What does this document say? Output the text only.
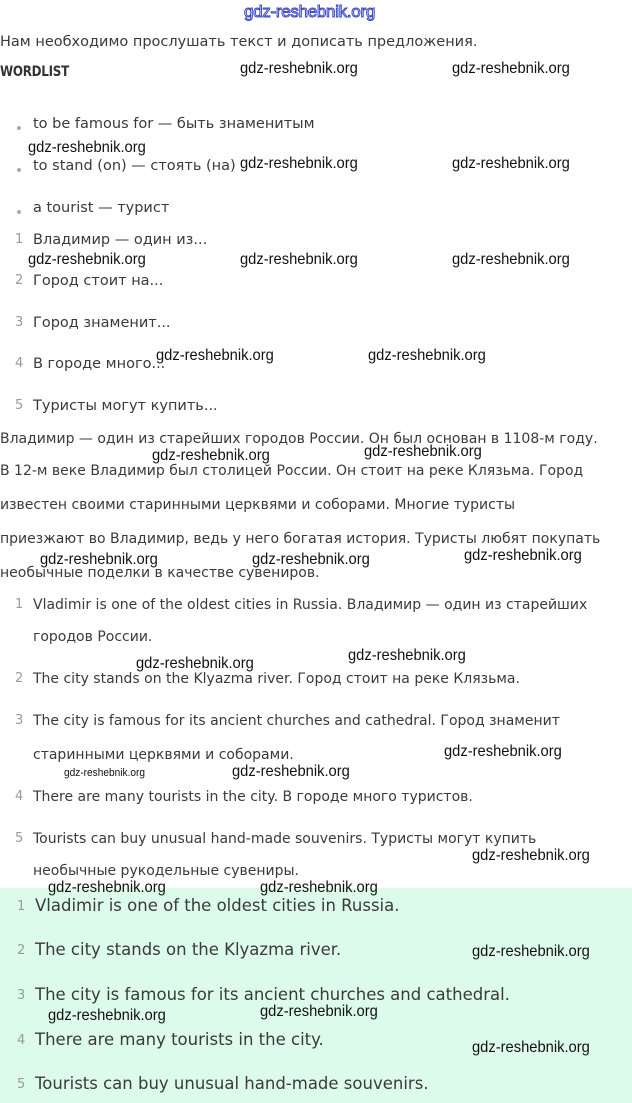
gdz-reshebnik.org
Нам необходимо прослушать текст и дописать предложения.
WORDLIST
to be famous for — быть знаменитым
to stand (on) — стоять (на)
a tourist — турист
1 Владимир — один из...
2 Город стоит на...
3 Город знаменит...
4 В городе много...
5 Туристы могут купить...
Владимир — один из старейших городов России. Он был основан в 1108-м году.
В 12-м веке Владимир был столицей России. Он стоит на реке Клязьма. Город
известен своими старинными церквями и соборами. Многие туристы
приезжают во Владимир, ведь у него богатая история. Туристы любят покупать
необычные поделки в качестве сувениров.
1 Vladimir is one of the oldest cities in Russia. Владимир — один из старейших
городов России.
2 The city stands on the Klyazma river. Город стоит на реке Клязьма.
3 The city is famous for its ancient churches and cathedral. Город знаменит
старинными церквями и соборами.
4 There are many tourists in the city. В городе много туристов.
5 Tourists can buy unusual hand-made souvenirs. Туристы могут купить
необычные рукодельные сувениры.
1 Vladimir is one of the oldest cities in Russia.
2 The city stands on the Klyazma river.
3 The city is famous for its ancient churches and cathedral.
4 There are many tourists in the city.
5 Tourists can buy unusual hand-made souvenirs.
gdz-reshebnik.org	gdz-reshebnik.org
gdz-reshebnik.org
gdz-reshebnik.org	gdz-reshebnik.org
gdz-reshebnik.org	gdz-reshebnik.org	gdz-reshebnik.org
gdz-reshebnik.org	gdz-reshebnik.org
gdz-reshebnik.org	gdz-reshebnik.org
gdz-reshebnik.org	gdz-reshebnik.org	gdz-reshebnik.org
gdz-reshebnik.org	gdz-reshebnik.org
gdz-reshebnik.org
gdz-reshebnik.org	gdz-reshebnik.org
gdz-reshebnik.org
gdz-reshebnik.org	gdz-reshebnik.org
gdz-reshebnik.org
gdz-reshebnik.org	gdz-reshebnik.org
gdz-reshebnik.org
